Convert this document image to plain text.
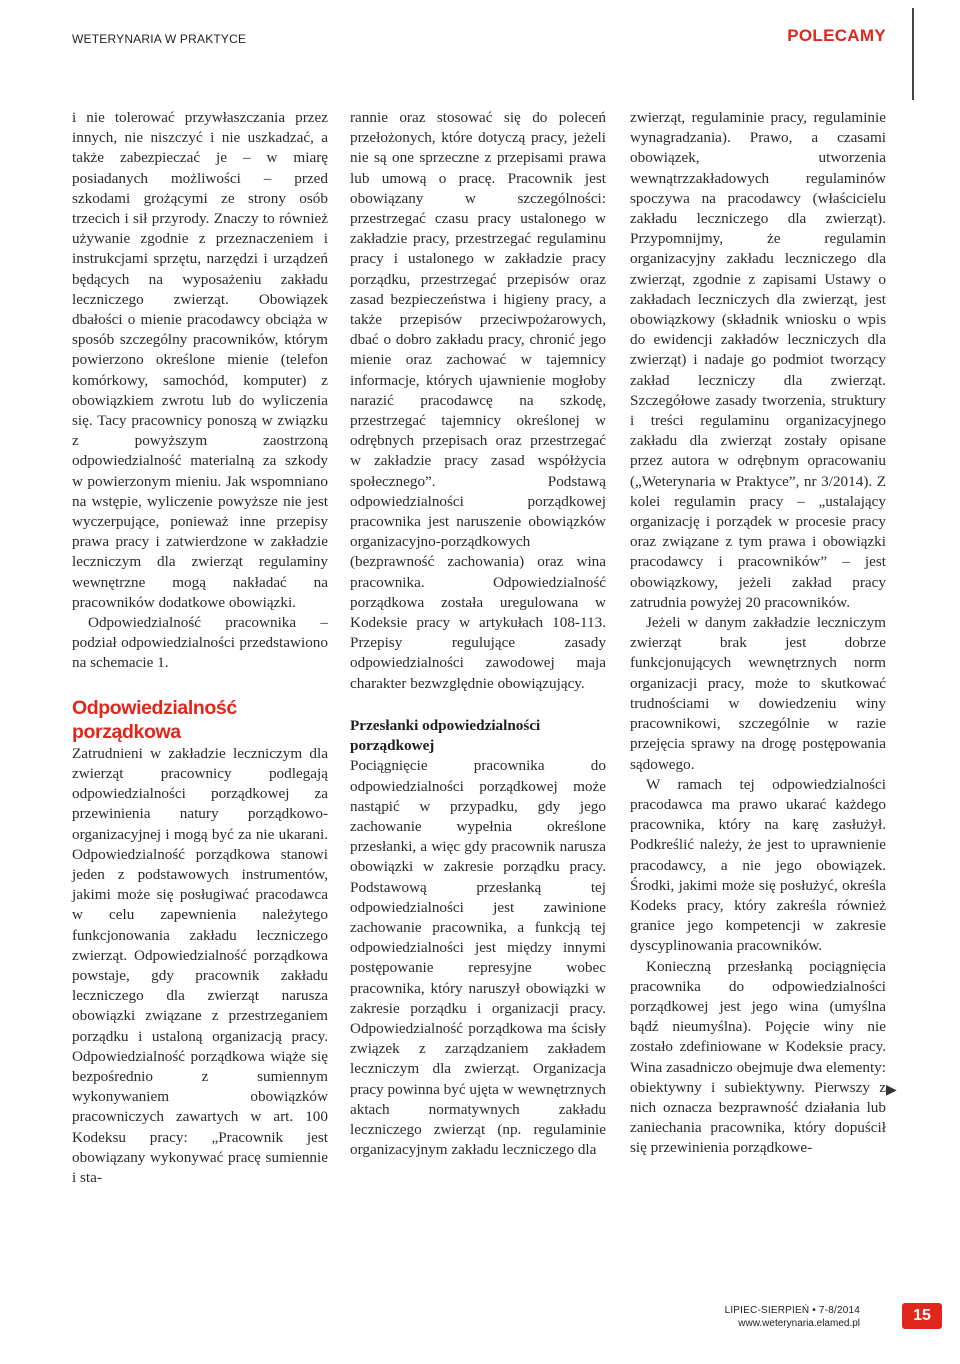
WETERYNARIA W PRAKTYCE	POLECAMY

i nie tolerować przywłaszczania przez innych, nie niszczyć i nie uszkadzać, a także zabezpieczać je – w miarę posiadanych możliwości – przed szkodami grożącymi ze strony osób trzecich i sił przyrody. Znaczy to również używanie zgodnie z przeznaczeniem i instrukcjami sprzętu, narzędzi i urządzeń będących na wyposażeniu zakładu leczniczego zwierząt. Obowiązek dbałości o mienie pracodawcy obciąża w sposób szczególny pracowników, którym powierzono określone mienie (telefon komórkowy, samochód, komputer) z obowiązkiem zwrotu lub do wyliczenia się. Tacy pracownicy ponoszą w związku z powyższym zaostrzoną odpowiedzialność materialną za szkody w powierzonym mieniu. Jak wspomniano na wstępie, wyliczenie powyższe nie jest wyczerpujące, ponieważ inne przepisy prawa pracy i zatwierdzone w zakładzie leczniczym dla zwierząt regulaminy wewnętrzne mogą nakładać na pracowników dodatkowe obowiązki.

Odpowiedzialność pracownika – podział odpowiedzialności przedstawiono na schemacie 1.

Odpowiedzialność porządkowa

Zatrudnieni w zakładzie leczniczym dla zwierząt pracownicy podlegają odpowiedzialności porządkowej za przewinienia natury porządkowo-organizacyjnej i mogą być za nie ukarani. Odpowiedzialność porządkowa stanowi jeden z podstawowych instrumentów, jakimi może się posługiwać pracodawca w celu zapewnienia należytego funkcjonowania zakładu leczniczego zwierząt. Odpowiedzialność porządkowa powstaje, gdy pracownik zakładu leczniczego dla zwierząt narusza obowiązki związane z przestrzeganiem porządku i ustaloną organizacją pracy. Odpowiedzialność porządkowa wiąże się bezpośrednio z sumiennym wykonywaniem obowiązków pracowniczych zawartych w art. 100 Kodeksu pracy: „Pracownik jest obowiązany wykonywać pracę sumiennie i sta-

rannie oraz stosować się do poleceń przełożonych, które dotyczą pracy, jeżeli nie są one sprzeczne z przepisami prawa lub umową o pracę. Pracownik jest obowiązany w szczególności: przestrzegać czasu pracy ustalonego w zakładzie pracy, przestrzegać regulaminu pracy i ustalonego w zakładzie pracy porządku, przestrzegać przepisów oraz zasad bezpieczeństwa i higieny pracy, a także przepisów przeciwpożarowych, dbać o dobro zakładu pracy, chronić jego mienie oraz zachować w tajemnicy informacje, których ujawnienie mogłoby narazić pracodawcę na szkodę, przestrzegać tajemnicy określonej w odrębnych przepisach oraz przestrzegać w zakładzie pracy zasad współżycia społecznego”. Podstawą odpowiedzialności porządkowej pracownika jest naruszenie obowiązków organizacyjno-porządkowych (bezprawność zachowania) oraz wina pracownika. Odpowiedzialność porządkowa została uregulowana w Kodeksie pracy w artykułach 108-113. Przepisy regulujące zasady odpowiedzialności zawodowej maja charakter bezwzględnie obowiązujący.

Przesłanki odpowiedzialności porządkowej

Pociągnięcie pracownika do odpowiedzialności porządkowej może nastąpić w przypadku, gdy jego zachowanie wypełnia określone przesłanki, a więc gdy pracownik narusza obowiązki w zakresie porządku pracy. Podstawową przesłanką tej odpowiedzialności jest zawinione zachowanie pracownika, a funkcją tej odpowiedzialności jest między innymi postępowanie represyjne wobec pracownika, który naruszył obowiązki w zakresie porządku i organizacji pracy. Odpowiedzialność porządkowa ma ścisły związek z zarządzaniem zakładem leczniczym dla zwierząt. Organizacja pracy powinna być ujęta w wewnętrznych aktach normatywnych zakładu leczniczego zwierząt (np. regulaminie organizacyjnym zakładu leczniczego dla

zwierząt, regulaminie pracy, regulaminie wynagradzania). Prawo, a czasami obowiązek, utworzenia wewnątrzzakładowych regulaminów spoczywa na pracodawcy (właścicielu zakładu leczniczego dla zwierząt). Przypomnijmy, że regulamin organizacyjny zakładu leczniczego dla zwierząt, zgodnie z zapisami Ustawy o zakładach leczniczych dla zwierząt, jest obowiązkowy (składnik wniosku o wpis do ewidencji zakładów leczniczych dla zwierząt) i nadaje go podmiot tworzący zakład leczniczy dla zwierząt. Szczegółowe zasady tworzenia, struktury i treści regulaminu organizacyjnego zakładu dla zwierząt zostały opisane przez autora w odrębnym opracowaniu („Weterynaria w Praktyce”, nr 3/2014). Z kolei regulamin pracy – „ustalający organizację i porządek w procesie pracy oraz związane z tym prawa i obowiązki pracodawcy i pracowników” – jest obowiązkowy, jeżeli zakład pracy zatrudnia powyżej 20 pracowników.

Jeżeli w danym zakładzie leczniczym zwierząt brak jest dobrze funkcjonujących wewnętrznych norm organizacji pracy, może to skutkować trudnościami w dowiedzeniu winy pracownikowi, szczególnie w razie przejęcia sprawy na drogę postępowania sądowego.

W ramach tej odpowiedzialności pracodawca ma prawo ukarać każdego pracownika, który na karę zasłużył. Podkreślić należy, że jest to uprawnienie pracodawcy, a nie jego obowiązek. Środki, jakimi może się posłużyć, określa Kodeks pracy, który zakreśla również granice jego kompetencji w zakresie dyscyplinowania pracowników.

Konieczną przesłanką pociągnięcia pracownika do odpowiedzialności porządkowej jest jego wina (umyślna bądź nieumyślna). Pojęcie winy nie zostało zdefiniowane w Kodeksie pracy. Wina zasadniczo obejmuje dwa elementy: obiektywny i subiektywny. Pierwszy z nich oznacza bezprawność działania lub zaniechania pracownika, który dopuścił się przewinienia porządkowe-

▶
LIPIEC-SIERPIEŃ • 7-8/2014
www.weterynaria.elamed.pl	15
